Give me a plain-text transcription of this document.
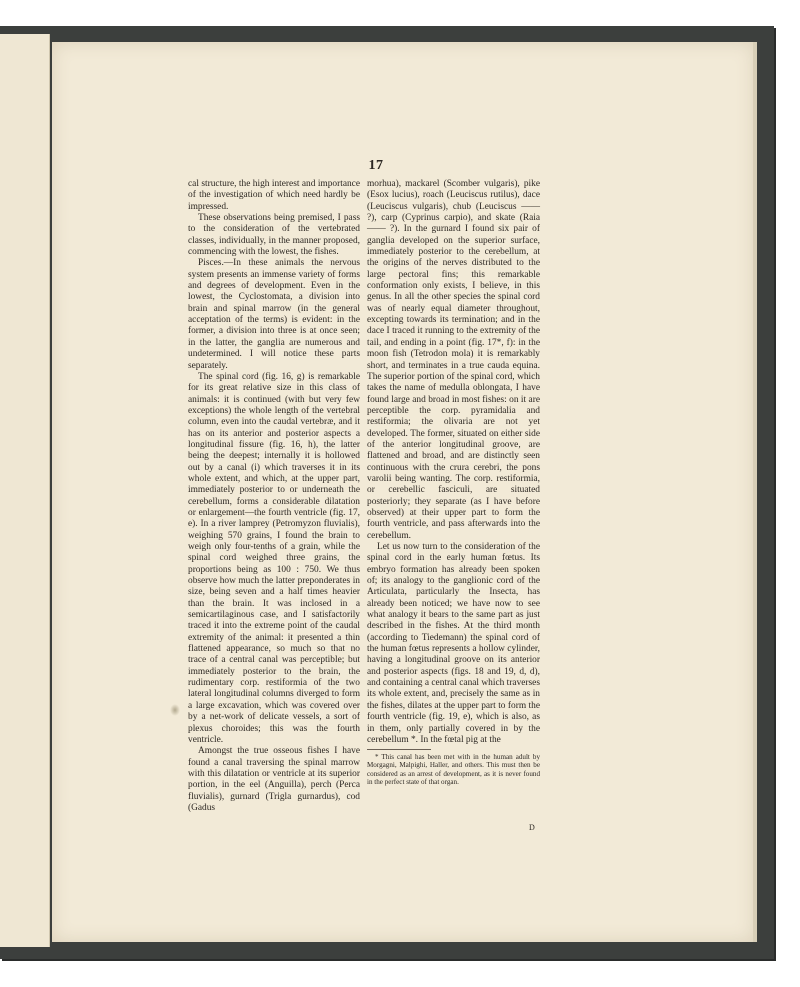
17

cal structure, the high interest and importance of the investigation of which need hardly be impressed.

These observations being premised, I pass to the consideration of the vertebrated classes, individually, in the manner proposed, commencing with the lowest, the fishes.

Pisces.—In these animals the nervous system presents an immense variety of forms and degrees of development. Even in the lowest, the Cyclostomata, a division into brain and spinal marrow (in the general acceptation of the terms) is evident: in the former, a division into three is at once seen; in the latter, the ganglia are numerous and undetermined. I will notice these parts separately.

The spinal cord (fig. 16, g) is remarkable for its great relative size in this class of animals: it is continued (with but very few exceptions) the whole length of the vertebral column, even into the caudal vertebræ, and it has on its anterior and posterior aspects a longitudinal fissure (fig. 16, h), the latter being the deepest; internally it is hollowed out by a canal (i) which traverses it in its whole extent, and which, at the upper part, immediately posterior to or underneath the cerebellum, forms a considerable dilatation or enlargement—the fourth ventricle (fig. 17, e). In a river lamprey (Petromyzon fluvialis), weighing 570 grains, I found the brain to weigh only four-tenths of a grain, while the spinal cord weighed three grains, the proportions being as 100 : 750. We thus observe how much the latter preponderates in size, being seven and a half times heavier than the brain. It was inclosed in a semicartilaginous case, and I satisfactorily traced it into the extreme point of the caudal extremity of the animal: it presented a thin flattened appearance, so much so that no trace of a central canal was perceptible; but immediately posterior to the brain, the rudimentary corp. restiformia of the two lateral longitudinal columns diverged to form a large excavation, which was covered over by a net-work of delicate vessels, a sort of plexus choroides; this was the fourth ventricle.

Amongst the true osseous fishes I have found a canal traversing the spinal marrow with this dilatation or ventricle at its superior portion, in the eel (Anguilla), perch (Perca fluvialis), gurnard (Trigla gurnardus), cod (Gadus

morhua), mackarel (Scomber vulgaris), pike (Esox lucius), roach (Leuciscus rutilus), dace (Leuciscus vulgaris), chub (Leuciscus —— ?), carp (Cyprinus carpio), and skate (Raia —— ?). In the gurnard I found six pair of ganglia developed on the superior surface, immediately posterior to the cerebellum, at the origins of the nerves distributed to the large pectoral fins; this remarkable conformation only exists, I believe, in this genus. In all the other species the spinal cord was of nearly equal diameter throughout, excepting towards its termination; and in the dace I traced it running to the extremity of the tail, and ending in a point (fig. 17*, f): in the moon fish (Tetrodon mola) it is remarkably short, and terminates in a true cauda equina. The superior portion of the spinal cord, which takes the name of medulla oblongata, I have found large and broad in most fishes: on it are perceptible the corp. pyramidalia and restiformia; the olivaria are not yet developed. The former, situated on either side of the anterior longitudinal groove, are flattened and broad, and are distinctly seen continuous with the crura cerebri, the pons varolii being wanting. The corp. restiformia, or cerebellic fasciculi, are situated posteriorly; they separate (as I have before observed) at their upper part to form the fourth ventricle, and pass afterwards into the cerebellum.

Let us now turn to the consideration of the spinal cord in the early human fœtus. Its embryo formation has already been spoken of; its analogy to the ganglionic cord of the Articulata, particularly the Insecta, has already been noticed; we have now to see what analogy it bears to the same part as just described in the fishes. At the third month (according to Tiedemann) the spinal cord of the human fœtus represents a hollow cylinder, having a longitudinal groove on its anterior and posterior aspects (figs. 18 and 19, d, d), and containing a central canal which traverses its whole extent, and, precisely the same as in the fishes, dilates at the upper part to form the fourth ventricle (fig. 19, e), which is also, as in them, only partially covered in by the cerebellum *. In the fœtal pig at the

* This canal has been met with in the human adult by Morgagni, Malpighi, Haller, and others. This must then be considered as an arrest of development, as it is never found in the perfect state of that organ.

D
